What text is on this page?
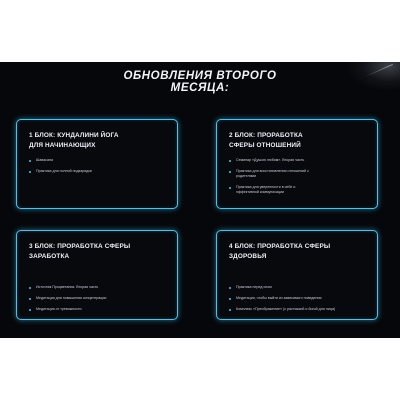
ОБНОВЛЕНИЯ ВТОРОГО
МЕСЯЦА:
1 БЛОК: КУНДАЛИНИ ЙОГА
ДЛЯ НАЧИНАЮЩИХ
Шавасана
Практика для полной подзарядки
2 БЛОК: ПРОРАБОТКА
СФЕРЫ ОТНОШЕНИЙ
Семинар «Душою любим». Вторая часть
Практика для восстановления отношений с родителями
Практика для уверенности в себе и эффективной коммуникации
3 БЛОК: ПРОРАБОТКА СФЕРЫ
ЗАРАБОТКА
Источник Процветания. Вторая часть
Медитация для повышения концентрации
Медитация от тревожности
4 БЛОК: ПРОРАБОТКА СФЕРЫ
ЗДОРОВЬЯ
Практика перед сном
Медитация, чтобы выйти из зависимого поведения
Комплекс «Преображение» (с растяжкой и йогой для лица)
